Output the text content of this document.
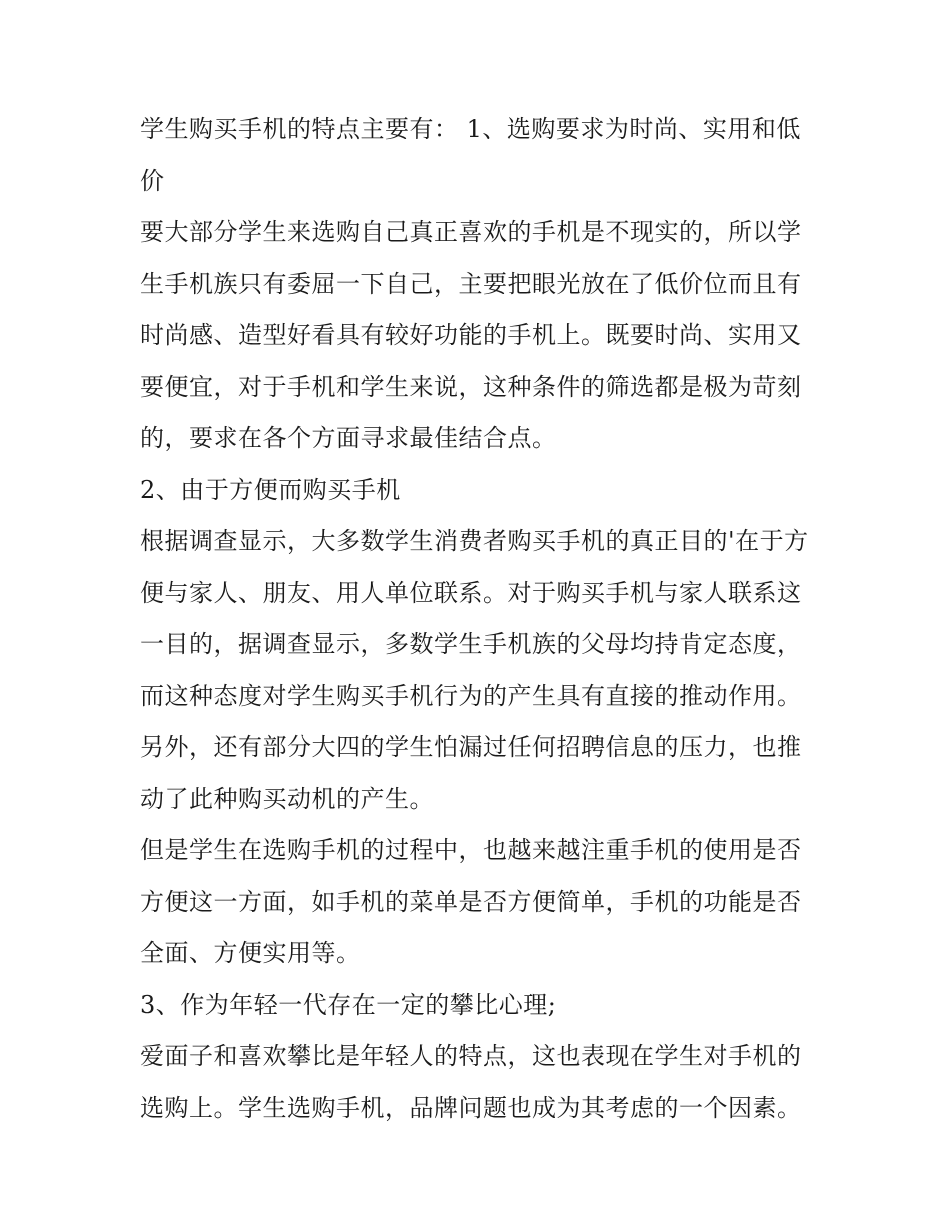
学生购买手机的特点主要有： 1、选购要求为时尚、实用和低价

要大部分学生来选购自己真正喜欢的手机是不现实的，所以学生手机族只有委屈一下自己，主要把眼光放在了低价位而且有时尚感、造型好看具有较好功能的手机上。既要时尚、实用又要便宜，对于手机和学生来说，这种条件的筛选都是极为苛刻的，要求在各个方面寻求最佳结合点。

2、由于方便而购买手机

根据调查显示，大多数学生消费者购买手机的真正目的'在于方便与家人、朋友、用人单位联系。对于购买手机与家人联系这一目的，据调查显示，多数学生手机族的父母均持肯定态度，而这种态度对学生购买手机行为的产生具有直接的推动作用。另外，还有部分大四的学生怕漏过任何招聘信息的压力，也推动了此种购买动机的产生。

但是学生在选购手机的过程中，也越来越注重手机的使用是否方便这一方面，如手机的菜单是否方便简单，手机的功能是否全面、方便实用等。

3、作为年轻一代存在一定的攀比心理;

爱面子和喜欢攀比是年轻人的特点，这也表现在学生对手机的选购上。学生选购手机，品牌问题也成为其考虑的一个因素。
